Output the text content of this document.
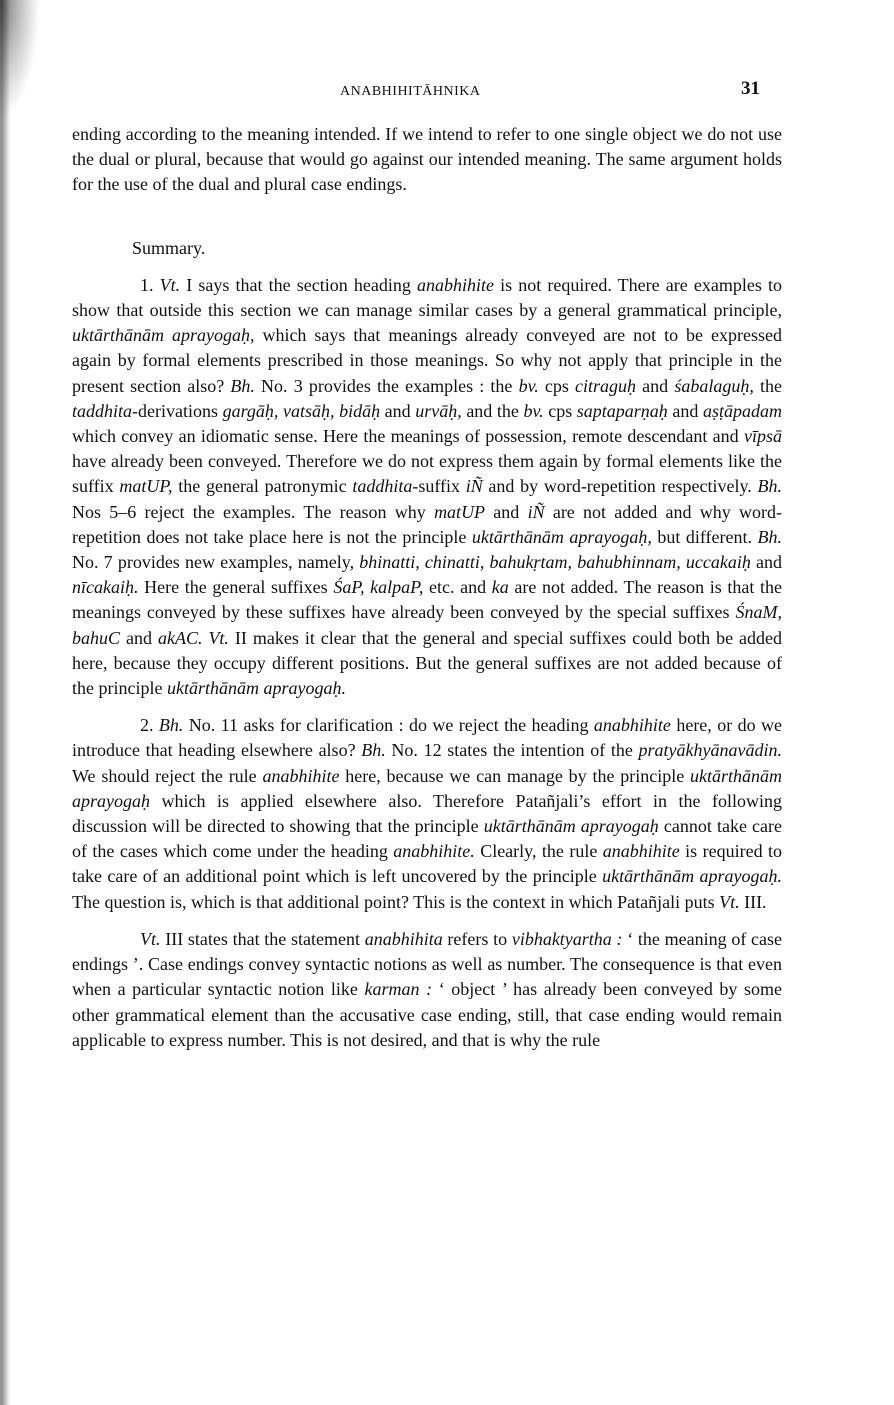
ANABHIHITĀHNIKA	31

ending according to the meaning intended. If we intend to refer to one single object we do not use the dual or plural, because that would go against our intended meaning. The same argument holds for the use of the dual and plural case endings.

Summary.

1. Vt. I says that the section heading anabhihite is not required. There are examples to show that outside this section we can manage similar cases by a general grammatical principle, uktārthānām aprayogaḥ, which says that meanings already conveyed are not to be expressed again by formal elements prescribed in those meanings. So why not apply that principle in the present section also? Bh. No. 3 provides the examples : the bv. cps citraguḥ and śabalaguḥ, the taddhita-derivations gargāḥ, vatsāḥ, bidāḥ and urvāḥ, and the bv. cps saptaparṇaḥ and aṣṭāpadam which convey an idiomatic sense. Here the meanings of possession, remote descendant and vīpsā have already been conveyed. Therefore we do not express them again by formal elements like the suffix matUP, the general patronymic taddhita-suffix iÑ and by word-repetition respectively. Bh. Nos 5–6 reject the examples. The reason why matUP and iÑ are not added and why word-repetition does not take place here is not the principle uktārthānām aprayogaḥ, but different. Bh. No. 7 provides new examples, namely, bhinatti, chinatti, bahukṛtam, bahubhinnam, uccakaiḥ and nīcakaiḥ. Here the general suffixes ŚaP, kalpaP, etc. and ka are not added. The reason is that the meanings conveyed by these suffixes have already been conveyed by the special suffixes ŚnaM, bahuC and akAC. Vt. II makes it clear that the general and special suffixes could both be added here, because they occupy different positions. But the general suffixes are not added because of the principle uktārthānām aprayogaḥ.

2. Bh. No. 11 asks for clarification : do we reject the heading anabhihite here, or do we introduce that heading elsewhere also? Bh. No. 12 states the intention of the pratyākhyānavādin. We should reject the rule anabhihite here, because we can manage by the principle uktārthānām aprayogaḥ which is applied elsewhere also. Therefore Patañjali’s effort in the following discussion will be directed to showing that the principle uktārthānām aprayogaḥ cannot take care of the cases which come under the heading anabhihite. Clearly, the rule anabhihite is required to take care of an additional point which is left uncovered by the principle uktārthānām aprayogaḥ. The question is, which is that additional point? This is the context in which Patañjali puts Vt. III.

Vt. III states that the statement anabhihita refers to vibhaktyartha : ‘ the meaning of case endings ’. Case endings convey syntactic notions as well as number. The consequence is that even when a particular syntactic notion like karman : ‘ object ’ has already been conveyed by some other grammatical element than the accusative case ending, still, that case ending would remain applicable to express number. This is not desired, and that is why the rule
